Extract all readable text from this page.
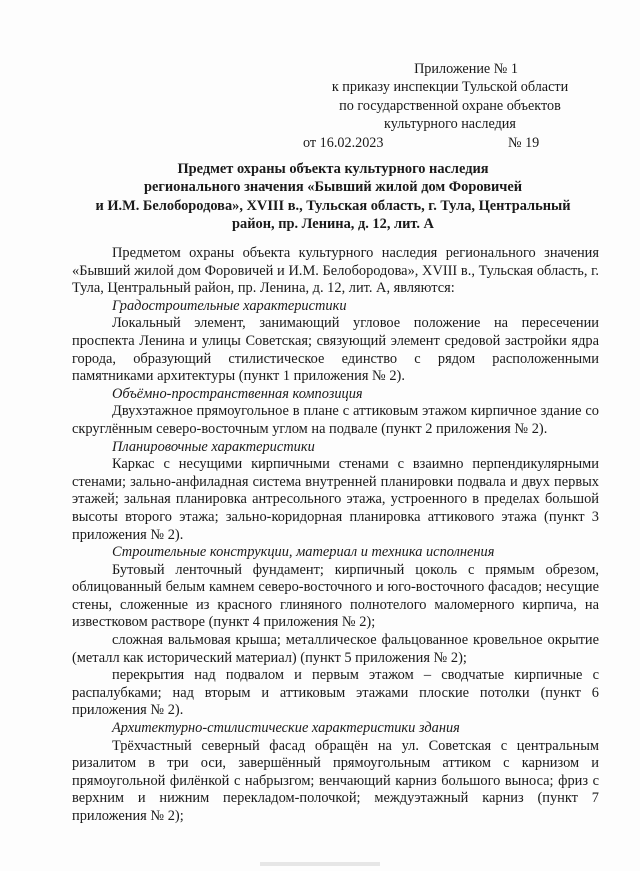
Приложение № 1
к приказу инспекции Тульской области
по государственной охране объектов
культурного наследия
от 16.02.2023	№ 19
Предмет охраны объекта культурного наследия
регионального значения «Бывший жилой дом Форовичей
и И.М. Белобородова», XVIII в., Тульская область, г. Тула, Центральный
район, пр. Ленина, д. 12, лит. А

Предметом охраны объекта культурного наследия регионального значения «Бывший жилой дом Форовичей и И.М. Белобородова», XVIII в., Тульская область, г. Тула, Центральный район, пр. Ленина, д. 12, лит. А, являются:

Градостроительные характеристики

Локальный элемент, занимающий угловое положение на пересечении проспекта Ленина и улицы Советская; связующий элемент средовой застройки ядра города, образующий стилистическое единство с рядом расположенными памятниками архитектуры (пункт 1 приложения № 2).

Объёмно-пространственная композиция

Двухэтажное прямоугольное в плане с аттиковым этажом кирпичное здание со скруглённым северо-восточным углом на подвале (пункт 2 приложения № 2).

Планировочные характеристики

Каркас с несущими кирпичными стенами с взаимно перпендикулярными стенами; зально-анфиладная система внутренней планировки подвала и двух первых этажей; зальная планировка антресольного этажа, устроенного в пределах большой высоты второго этажа; зально-коридорная планировка аттикового этажа (пункт 3 приложения № 2).

Строительные конструкции, материал и техника исполнения

Бутовый ленточный фундамент; кирпичный цоколь с прямым обрезом, облицованный белым камнем северо-восточного и юго-восточного фасадов; несущие стены, сложенные из красного глиняного полнотелого маломерного кирпича, на известковом растворе (пункт 4 приложения № 2);

сложная вальмовая крыша; металлическое фальцованное кровельное окрытие (металл как исторический материал) (пункт 5 приложения № 2);

перекрытия над подвалом и первым этажом – сводчатые кирпичные с распалубками; над вторым и аттиковым этажами плоские потолки (пункт 6 приложения № 2).

Архитектурно-стилистические характеристики здания

Трёхчастный северный фасад обращён на ул. Советская с центральным ризалитом в три оси, завершённый прямоугольным аттиком с карнизом и прямоугольной филёнкой с набрызгом; венчающий карниз большого выноса; фриз с верхним и нижним перекладом-полочкой; междуэтажный карниз (пункт 7 приложения № 2);
